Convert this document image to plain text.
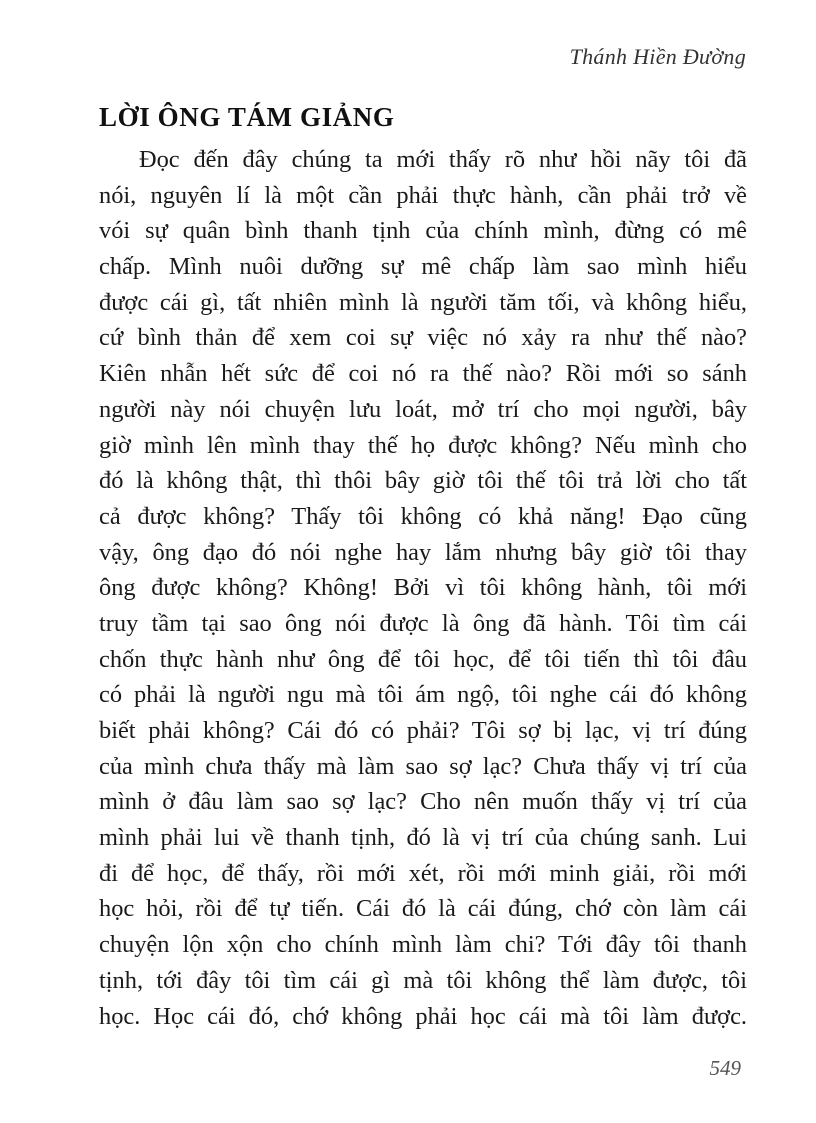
Thánh Hiền Đường
LỜI ÔNG TÁM GIẢNG
Đọc đến đây chúng ta mới thấy rõ như hồi nãy tôi đã
nói, nguyên lí là một cần phải thực hành, cần phải trở về
vói sự quân bình thanh tịnh của chính mình, đừng có mê
chấp. Mình nuôi dưỡng sự mê chấp làm sao mình hiểu
được cái gì, tất nhiên mình là người tăm tối, và không hiểu,
cứ bình thản để xem coi sự việc nó xảy ra như thế nào?
Kiên nhẫn hết sức để coi nó ra thế nào? Rồi mới so sánh
người này nói chuyện lưu loát, mở trí cho mọi người, bây
giờ mình lên mình thay thế họ được không? Nếu mình cho
đó là không thật, thì thôi bây giờ tôi thế tôi trả lời cho tất
cả được không? Thấy tôi không có khả năng! Đạo cũng
vậy, ông đạo đó nói nghe hay lắm nhưng bây giờ tôi thay
ông được không? Không! Bởi vì tôi không hành, tôi mới
truy tầm tại sao ông nói được là ông đã hành. Tôi tìm cái
chốn thực hành như ông để tôi học, để tôi tiến thì tôi đâu
có phải là người ngu mà tôi ám ngộ, tôi nghe cái đó không
biết phải không? Cái đó có phải? Tôi sợ bị lạc, vị trí đúng
của mình chưa thấy mà làm sao sợ lạc? Chưa thấy vị trí của
mình ở đâu làm sao sợ lạc? Cho nên muốn thấy vị trí của
mình phải lui về thanh tịnh, đó là vị trí của chúng sanh. Lui
đi để học, để thấy, rồi mới xét, rồi mới minh giải, rồi mới
học hỏi, rồi để tự tiến. Cái đó là cái đúng, chớ còn làm cái
chuyện lộn xộn cho chính mình làm chi? Tới đây tôi thanh
tịnh, tới đây tôi tìm cái gì mà tôi không thể làm được, tôi
học. Học cái đó, chớ không phải học cái mà tôi làm được.
549
